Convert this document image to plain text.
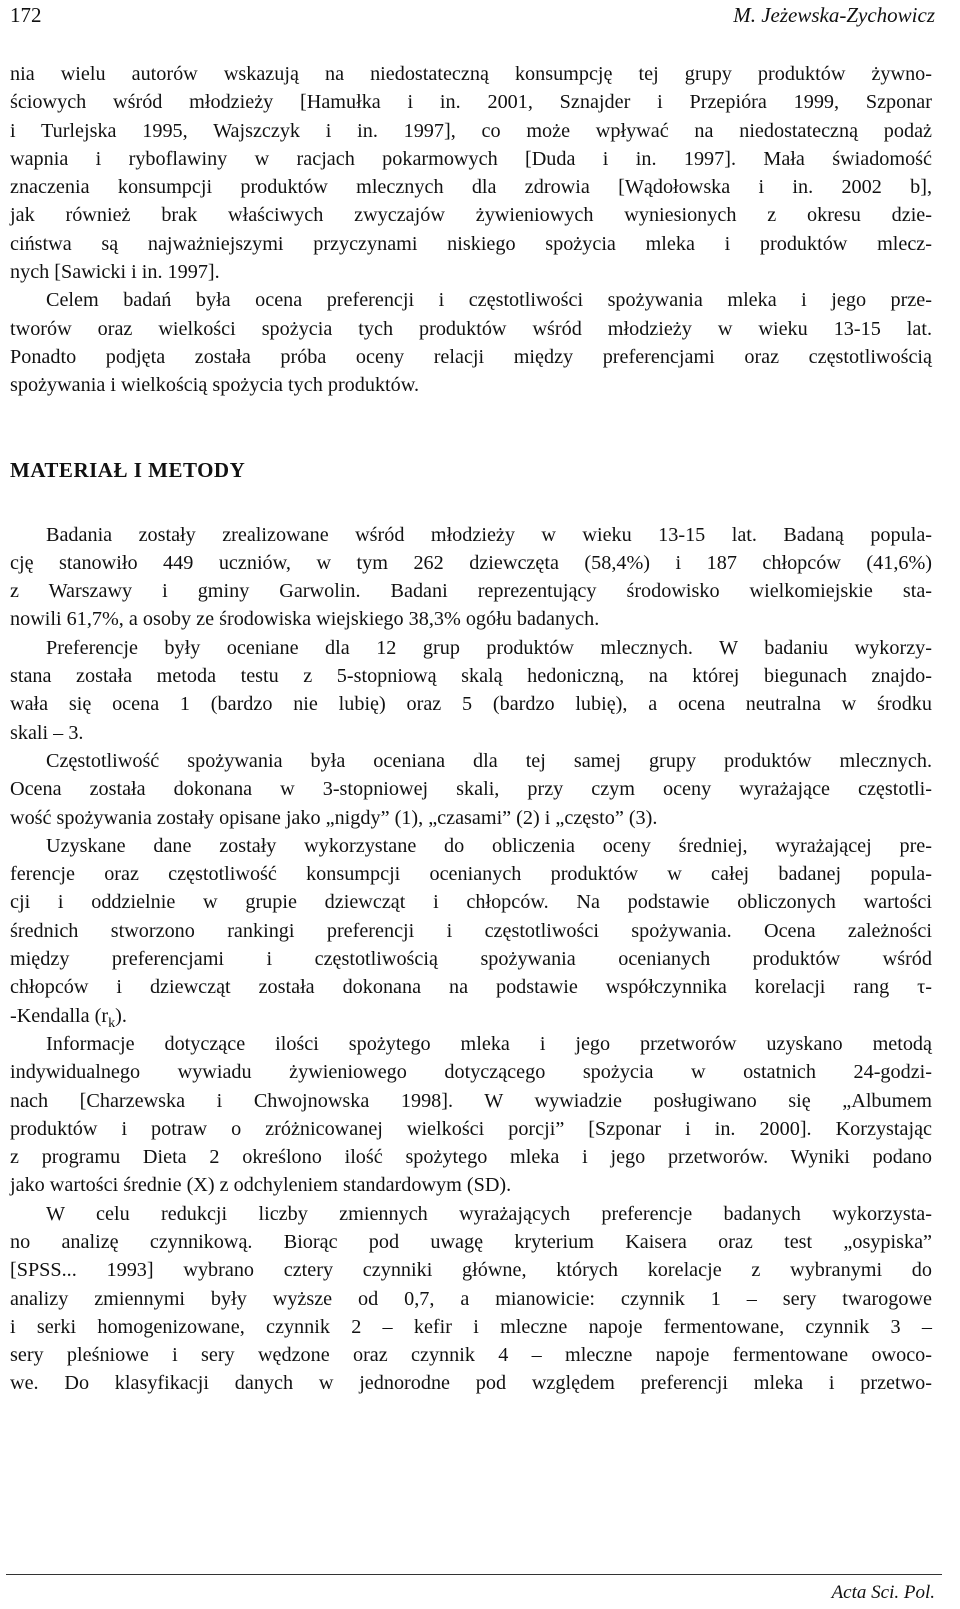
172	M. Jeżewska-Zychowicz
nia wielu autorów wskazują na niedostateczną konsumpcję tej grupy produktów żywno-
ściowych wśród młodzieży [Hamułka i in. 2001, Sznajder i Przepióra 1999, Szponar
i Turlejska 1995, Wajszczyk i in. 1997], co może wpływać na niedostateczną podaż
wapnia i ryboflawiny w racjach pokarmowych [Duda i in. 1997]. Mała świadomość
znaczenia konsumpcji produktów mlecznych dla zdrowia [Wądołowska i in. 2002 b],
jak również brak właściwych zwyczajów żywieniowych wyniesionych z okresu dzie-
ciństwa są najważniejszymi przyczynami niskiego spożycia mleka i produktów mlecz-
nych [Sawicki i in. 1997].
Celem badań była ocena preferencji i częstotliwości spożywania mleka i jego prze-
tworów oraz wielkości spożycia tych produktów wśród młodzieży w wieku 13-15 lat.
Ponadto podjęta została próba oceny relacji między preferencjami oraz częstotliwością
spożywania i wielkością spożycia tych produktów.
MATERIAŁ I METODY
Badania zostały zrealizowane wśród młodzieży w wieku 13-15 lat. Badaną popula-
cję stanowiło 449 uczniów, w tym 262 dziewczęta (58,4%) i 187 chłopców (41,6%)
z Warszawy i gminy Garwolin. Badani reprezentujący środowisko wielkomiejskie sta-
nowili 61,7%, a osoby ze środowiska wiejskiego 38,3% ogółu badanych.
Preferencje były oceniane dla 12 grup produktów mlecznych. W badaniu wykorzy-
stana została metoda testu z 5-stopniową skalą hedoniczną, na której biegunach znajdo-
wała się ocena 1 (bardzo nie lubię) oraz 5 (bardzo lubię), a ocena neutralna w środku
skali – 3.
Częstotliwość spożywania była oceniana dla tej samej grupy produktów mlecznych.
Ocena została dokonana w 3-stopniowej skali, przy czym oceny wyrażające częstotli-
wość spożywania zostały opisane jako „nigdy” (1), „czasami” (2) i „często” (3).
Uzyskane dane zostały wykorzystane do obliczenia oceny średniej, wyrażającej pre-
ferencje oraz częstotliwość konsumpcji ocenianych produktów w całej badanej popula-
cji i oddzielnie w grupie dziewcząt i chłopców. Na podstawie obliczonych wartości
średnich stworzono rankingi preferencji i częstotliwości spożywania. Ocena zależności
między preferencjami i częstotliwością spożywania ocenianych produktów wśród
chłopców i dziewcząt została dokonana na podstawie współczynnika korelacji rang τ-
-Kendalla $(r_k)$.
Informacje dotyczące ilości spożytego mleka i jego przetworów uzyskano metodą
indywidualnego wywiadu żywieniowego dotyczącego spożycia w ostatnich 24-godzi-
nach [Charzewska i Chwojnowska 1998]. W wywiadzie posługiwano się „Albumem
produktów i potraw o zróżnicowanej wielkości porcji” [Szponar i in. 2000]. Korzystając
z programu Dieta 2 określono ilość spożytego mleka i jego przetworów. Wyniki podano
jako wartości średnie (X) z odchyleniem standardowym (SD).
W celu redukcji liczby zmiennych wyrażających preferencje badanych wykorzysta-
no analizę czynnikową. Biorąc pod uwagę kryterium Kaisera oraz test „osypiska”
[SPSS... 1993] wybrano cztery czynniki główne, których korelacje z wybranymi do
analizy zmiennymi były wyższe od 0,7, a mianowicie: czynnik 1 – sery twarogowe
i serki homogenizowane, czynnik 2 – kefir i mleczne napoje fermentowane, czynnik 3 –
sery pleśniowe i sery wędzone oraz czynnik 4 – mleczne napoje fermentowane owoco-
we. Do klasyfikacji danych w jednorodne pod względem preferencji mleka i przetwo-
Acta Sci. Pol.
